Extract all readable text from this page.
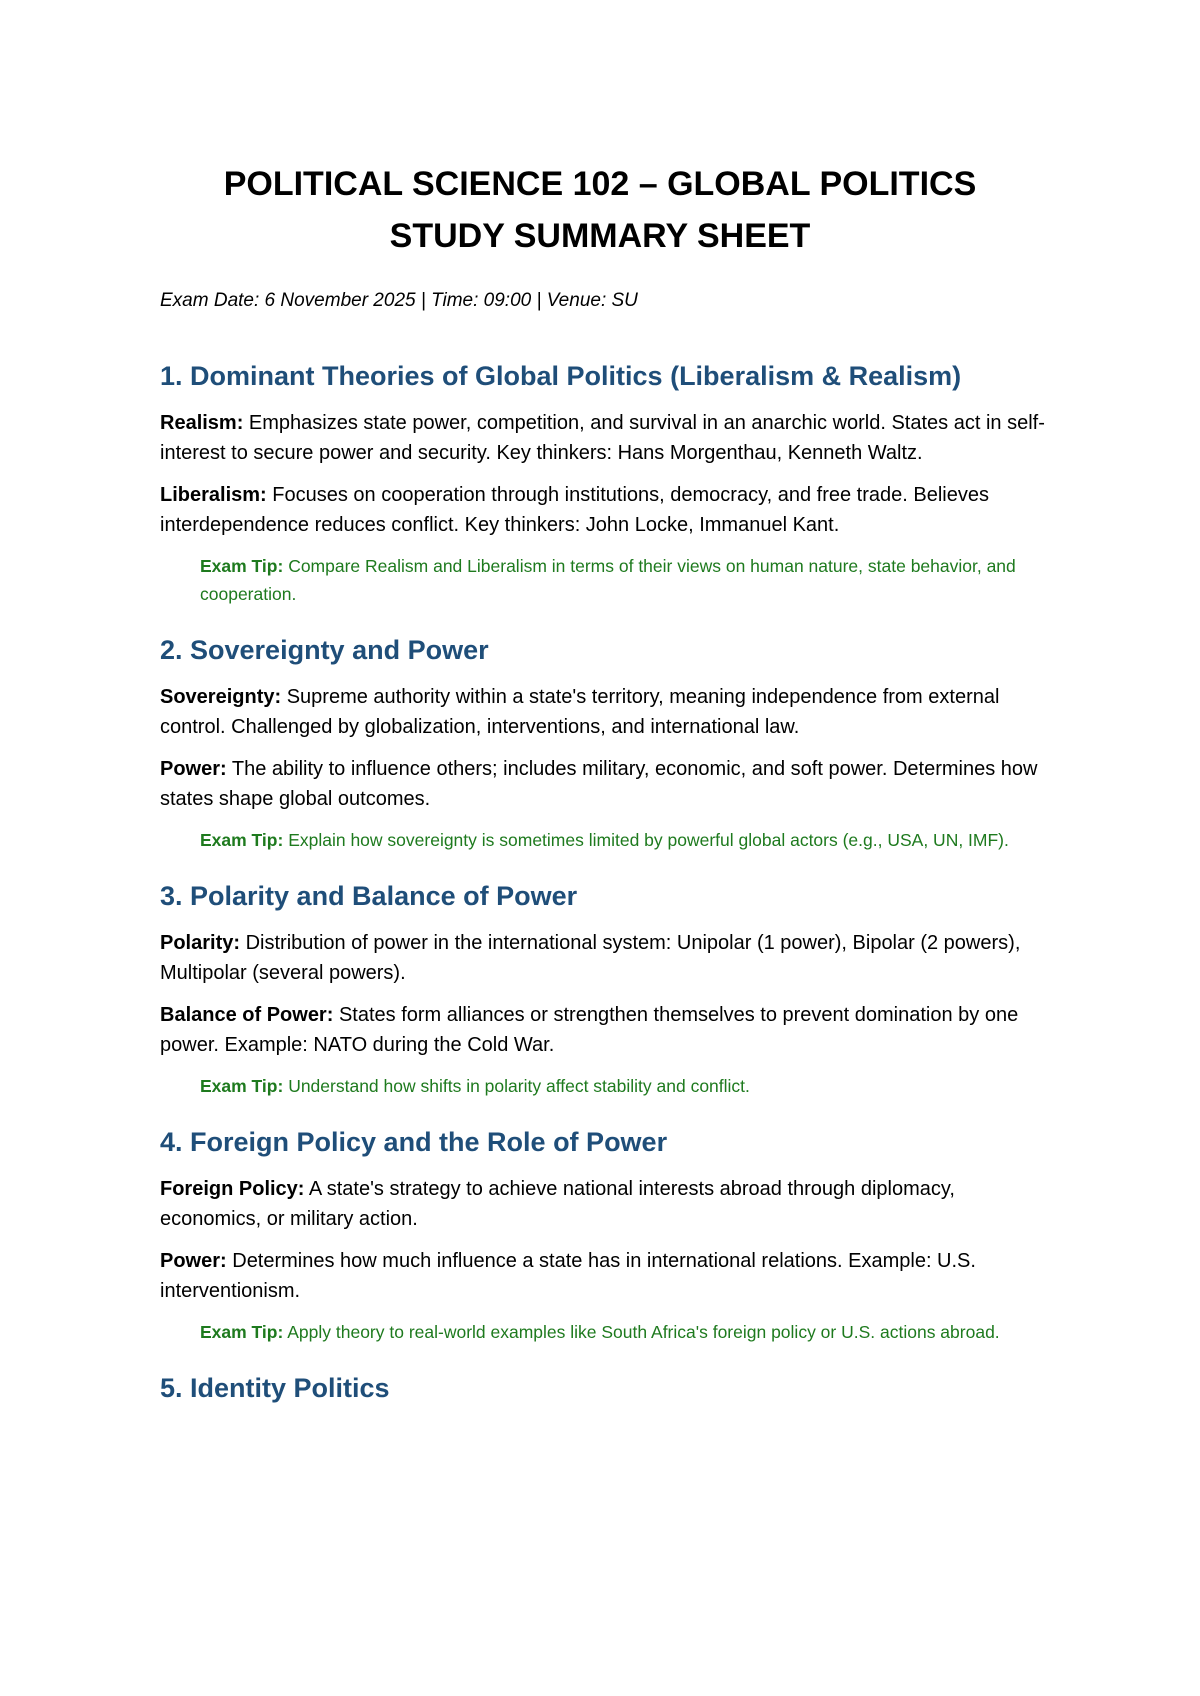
POLITICAL SCIENCE 102 – GLOBAL POLITICS
STUDY SUMMARY SHEET
Exam Date: 6 November 2025 | Time: 09:00 | Venue: SU
1. Dominant Theories of Global Politics (Liberalism & Realism)

Realism: Emphasizes state power, competition, and survival in an anarchic world. States act in self-interest to secure power and security. Key thinkers: Hans Morgenthau, Kenneth Waltz.

Liberalism: Focuses on cooperation through institutions, democracy, and free trade. Believes interdependence reduces conflict. Key thinkers: John Locke, Immanuel Kant.

Exam Tip: Compare Realism and Liberalism in terms of their views on human nature, state behavior, and cooperation.

2. Sovereignty and Power

Sovereignty: Supreme authority within a state's territory, meaning independence from external control. Challenged by globalization, interventions, and international law.

Power: The ability to influence others; includes military, economic, and soft power. Determines how states shape global outcomes.

Exam Tip: Explain how sovereignty is sometimes limited by powerful global actors (e.g., USA, UN, IMF).

3. Polarity and Balance of Power

Polarity: Distribution of power in the international system: Unipolar (1 power), Bipolar (2 powers), Multipolar (several powers).

Balance of Power: States form alliances or strengthen themselves to prevent domination by one power. Example: NATO during the Cold War.

Exam Tip: Understand how shifts in polarity affect stability and conflict.

4. Foreign Policy and the Role of Power

Foreign Policy: A state's strategy to achieve national interests abroad through diplomacy, economics, or military action.

Power: Determines how much influence a state has in international relations. Example: U.S. interventionism.

Exam Tip: Apply theory to real-world examples like South Africa's foreign policy or U.S. actions abroad.

5. Identity Politics
